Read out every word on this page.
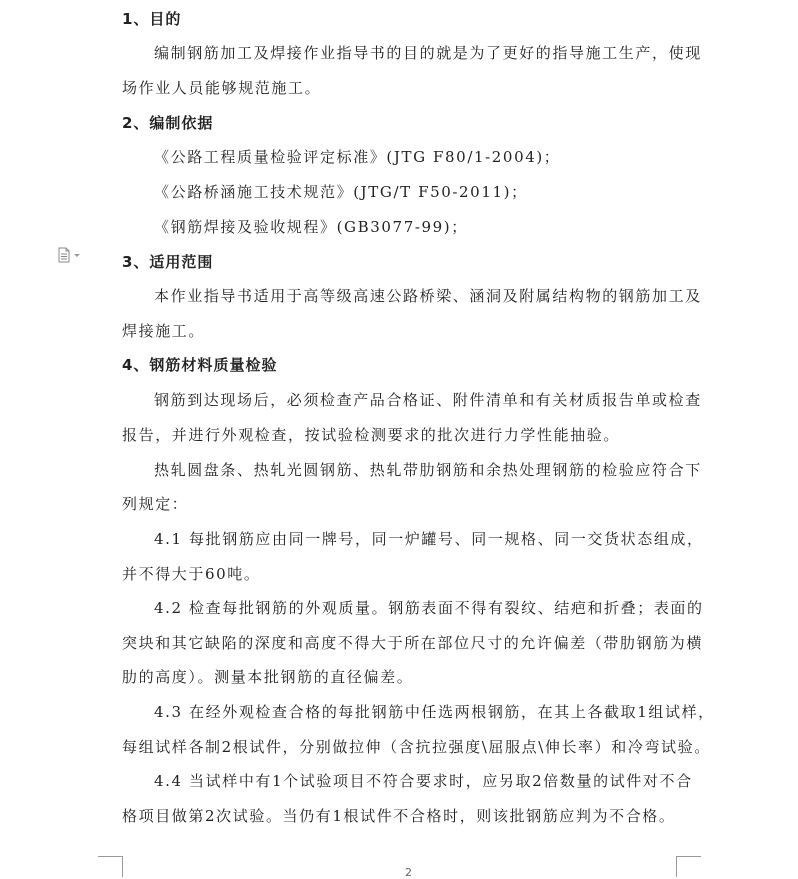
1、目的
编制钢筋加工及焊接作业指导书的目的就是为了更好的指导施工生产，使现
场作业人员能够规范施工。
2、编制依据
《公路工程质量检验评定标准》(JTG F80/1-2004)；
《公路桥涵施工技术规范》(JTG/T F50-2011)；
《钢筋焊接及验收规程》(GB3077-99)；
3、适用范围
本作业指导书适用于高等级高速公路桥梁、涵洞及附属结构物的钢筋加工及
焊接施工。
4、钢筋材料质量检验
钢筋到达现场后，必须检查产品合格证、附件清单和有关材质报告单或检查
报告，并进行外观检查，按试验检测要求的批次进行力学性能抽验。
热轧圆盘条、热轧光圆钢筋、热轧带肋钢筋和余热处理钢筋的检验应符合下
列规定：
4.1 每批钢筋应由同一牌号，同一炉罐号、同一规格、同一交货状态组成，
并不得大于60吨。
4.2 检查每批钢筋的外观质量。钢筋表面不得有裂纹、结疤和折叠；表面的
突块和其它缺陷的深度和高度不得大于所在部位尺寸的允许偏差（带肋钢筋为横
肋的高度）。测量本批钢筋的直径偏差。
4.3 在经外观检查合格的每批钢筋中任选两根钢筋，在其上各截取1组试样，
每组试样各制2根试件，分别做拉伸（含抗拉强度\屈服点\伸长率）和冷弯试验。
4.4 当试样中有1个试验项目不符合要求时，应另取2倍数量的试件对不合
格项目做第2次试验。当仍有1根试件不合格时，则该批钢筋应判为不合格。
2
